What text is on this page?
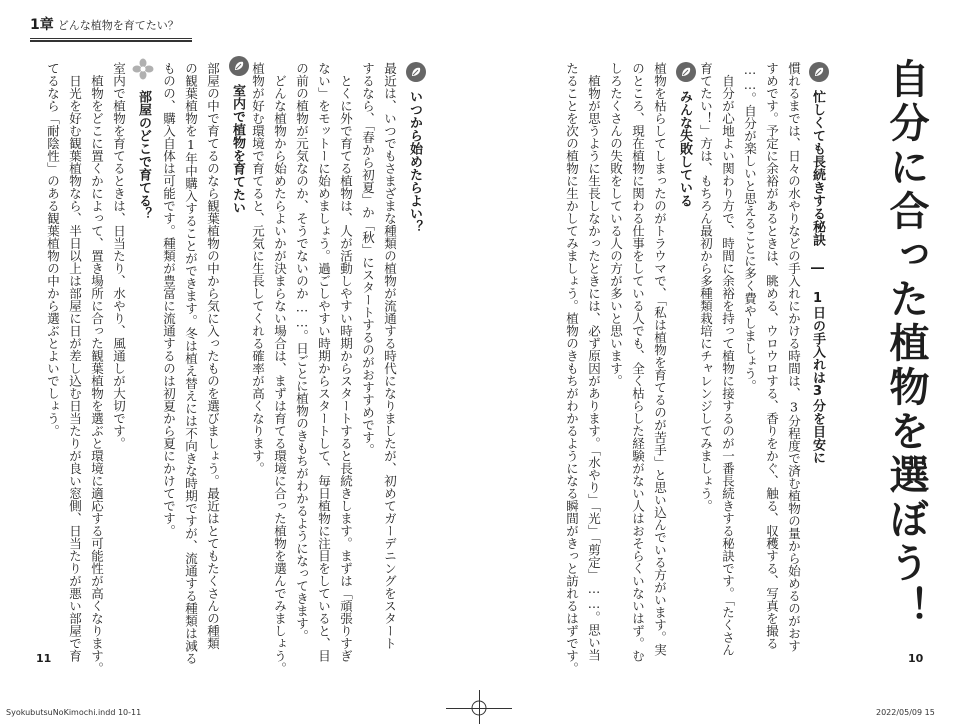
1章 どんな植物を育てたい？
自分に合った植物を選ぼう！
忙しくても長続きする秘訣 ― 1日の手入れは3分を目安に
慣れるまでは、日々の水やりなどの手入れにかける時間は、3分程度で済む植物の量から始めるのがおす
すめです。予定に余裕があるときは、眺める、ウロウロする、香りをかぐ、触る、収穫する、写真を撮る
……。自分が楽しいと思えることに多く費やしましょう。
　自分が心地よい関わり方で、時間に余裕を持って植物に接するのが一番長続きする秘訣です。「たくさん
育てたい！」方は、もちろん最初から多種類栽培にチャレンジしてみましょう。
みんな失敗している
植物を枯らしてしまったのがトラウマで、「私は植物を育てるのが苦手」と思い込んでいる方がいます。実
のところ、現在植物に関わる仕事をしている人でも、全く枯らした経験がない人はおそらくいないはず。む
しろたくさんの失敗をしている人の方が多いと思います。
　植物が思うように生長しなかったときには、必ず原因があります。「水やり」「光」「剪定」……。思い当
たることを次の植物に生かしてみましょう。植物のきもちがわかるようになる瞬間がきっと訪れるはずです。	10
いつから始めたらよい？
最近は、いつでもさまざまな種類の植物が流通する時代になりましたが、初めてガーデニングをスタート
するなら、「春から初夏」か「秋」にスタートするのがおすすめです。
　とくに外で育てる植物は、人が活動しやすい時期からスタートすると長続きします。まずは「頑張りすぎ
ない」をモットーに始めましょう。過ごしやすい時期からスタートして、毎日植物に注目をしていると、目
の前の植物が元気なのか、そうでないのか……。日ごとに植物のきもちがわかるようになってきます。
　どんな植物から始めたらよいかが決まらない場合は、まずは育てる環境に合った植物を選んでみましょう。
植物が好む環境で育てると、元気に生長してくれる確率が高くなります。
室内で植物を育てたい
部屋の中で育てるのなら観葉植物の中から気に入ったものを選びましょう。最近はとてもたくさんの種類
の観葉植物を1年中購入することができます。冬は植え替えには不向きな時期ですが、流通する種類は減る
ものの、購入自体は可能です。種類が豊富に流通するのは初夏から夏にかけてです。
部屋のどこで育てる？
室内で植物を育てるときは、日当たり、水やり、風通しが大切です。
　植物をどこに置くかによって、置き場所に合った観葉植物を選ぶと環境に適応する可能性が高くなります。
　日光を好む観葉植物なら、半日以上は部屋に日が差し込む日当たりが良い窓側、日当たりが悪い部屋で育
てるなら「耐陰性」のある観葉植物の中から選ぶとよいでしょう。
11
SyokubutsuNoKimochi.indd 10-11	2022/05/09 15
